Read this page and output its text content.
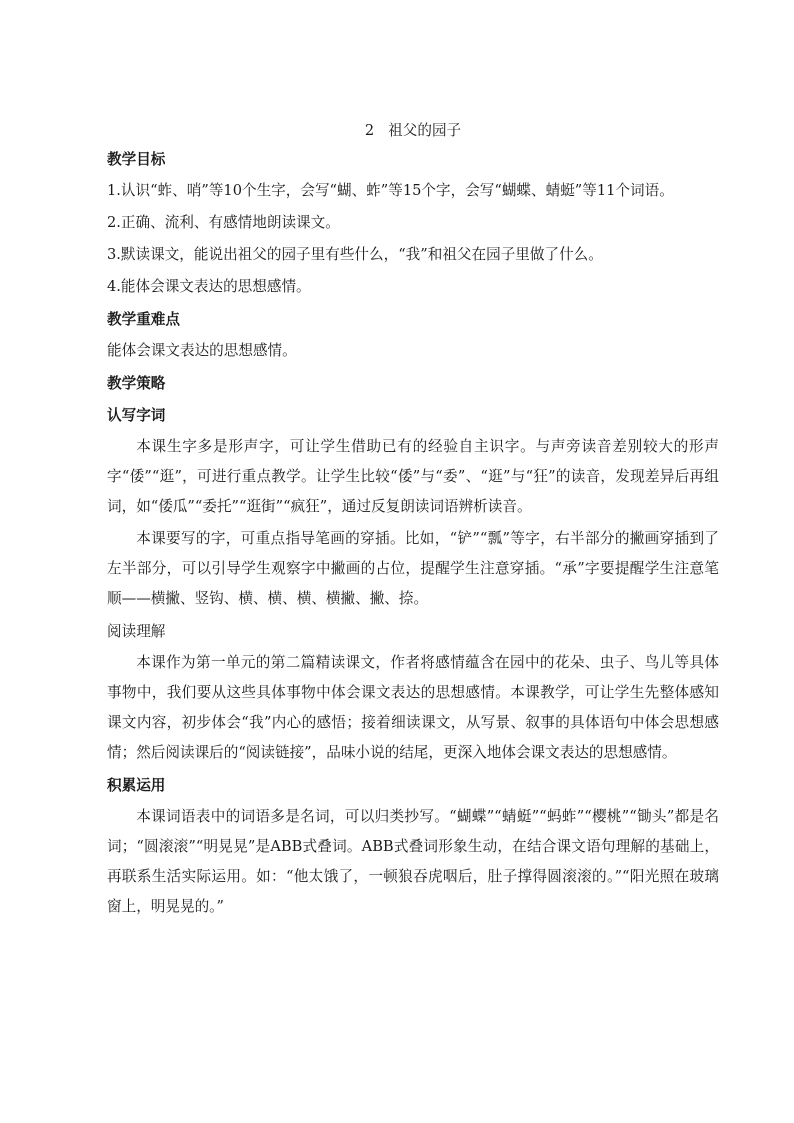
2 祖父的园子
教学目标

1.认识“蚱、哨”等10个生字，会写“蝴、蚱”等15个字，会写“蝴蝶、蜻蜓”等11个词语。

2.正确、流利、有感情地朗读课文。

3.默读课文，能说出祖父的园子里有些什么，“我”和祖父在园子里做了什么。

4.能体会课文表达的思想感情。

教学重难点

能体会课文表达的思想感情。

教学策略
认写字词

本课生字多是形声字，可让学生借助已有的经验自主识字。与声旁读音差别较大的形声字“倭”“逛”，可进行重点教学。让学生比较“倭”与“委”、“逛”与“狂”的读音，发现差异后再组词，如“倭瓜”“委托”“逛街”“疯狂”，通过反复朗读词语辨析读音。

本课要写的字，可重点指导笔画的穿插。比如，“铲”“瓢”等字，右半部分的撇画穿插到了左半部分，可以引导学生观察字中撇画的占位，提醒学生注意穿插。“承”字要提醒学生注意笔顺——横撇、竖钩、横、横、横、横撇、撇、捺。

阅读理解

本课作为第一单元的第二篇精读课文，作者将感情蕴含在园中的花朵、虫子、鸟儿等具体事物中，我们要从这些具体事物中体会课文表达的思想感情。本课教学，可让学生先整体感知课文内容，初步体会“我”内心的感悟；接着细读课文，从写景、叙事的具体语句中体会思想感情；然后阅读课后的“阅读链接”，品味小说的结尾，更深入地体会课文表达的思想感情。

积累运用

本课词语表中的词语多是名词，可以归类抄写。“蝴蝶”“蜻蜓”“蚂蚱”“樱桃”“锄头”都是名词；“圆滚滚”“明晃晃”是ABB式叠词。ABB式叠词形象生动，在结合课文语句理解的基础上，再联系生活实际运用。如：“他太饿了，一顿狼吞虎咽后，肚子撑得圆滚滚的。”“阳光照在玻璃窗上，明晃晃的。”
